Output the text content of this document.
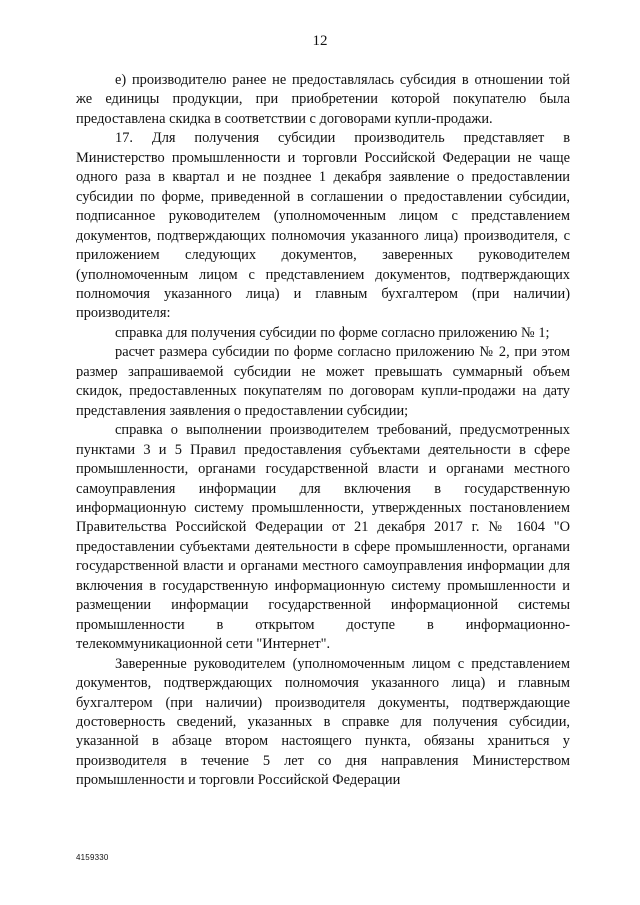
12

е) производителю ранее не предоставлялась субсидия в отношении той же единицы продукции, при приобретении которой покупателю была предоставлена скидка в соответствии с договорами купли-продажи.

17. Для получения субсидии производитель представляет в Министерство промышленности и торговли Российской Федерации не чаще одного раза в квартал и не позднее 1 декабря заявление о предоставлении субсидии по форме, приведенной в соглашении о предоставлении субсидии, подписанное руководителем (уполномоченным лицом с представлением документов, подтверждающих полномочия указанного лица) производителя, с приложением следующих документов, заверенных руководителем (уполномоченным лицом с представлением документов, подтверждающих полномочия указанного лица) и главным бухгалтером (при наличии) производителя:

справка для получения субсидии по форме согласно приложению № 1;

расчет размера субсидии по форме согласно приложению № 2, при этом размер запрашиваемой субсидии не может превышать суммарный объем скидок, предоставленных покупателям по договорам купли-продажи на дату представления заявления о предоставлении субсидии;

справка о выполнении производителем требований, предусмотренных пунктами 3 и 5 Правил предоставления субъектами деятельности в сфере промышленности, органами государственной власти и органами местного самоуправления информации для включения в государственную информационную систему промышленности, утвержденных постановлением Правительства Российской Федерации от 21 декабря 2017 г. № 1604 "О предоставлении субъектами деятельности в сфере промышленности, органами государственной власти и органами местного самоуправления информации для включения в государственную информационную систему промышленности и размещении информации государственной информационной системы промышленности в открытом доступе в информационно-телекоммуникационной сети "Интернет".

Заверенные руководителем (уполномоченным лицом с представлением документов, подтверждающих полномочия указанного лица) и главным бухгалтером (при наличии) производителя документы, подтверждающие достоверность сведений, указанных в справке для получения субсидии, указанной в абзаце втором настоящего пункта, обязаны храниться у производителя в течение 5 лет со дня направления Министерством промышленности и торговли Российской Федерации

4159330
